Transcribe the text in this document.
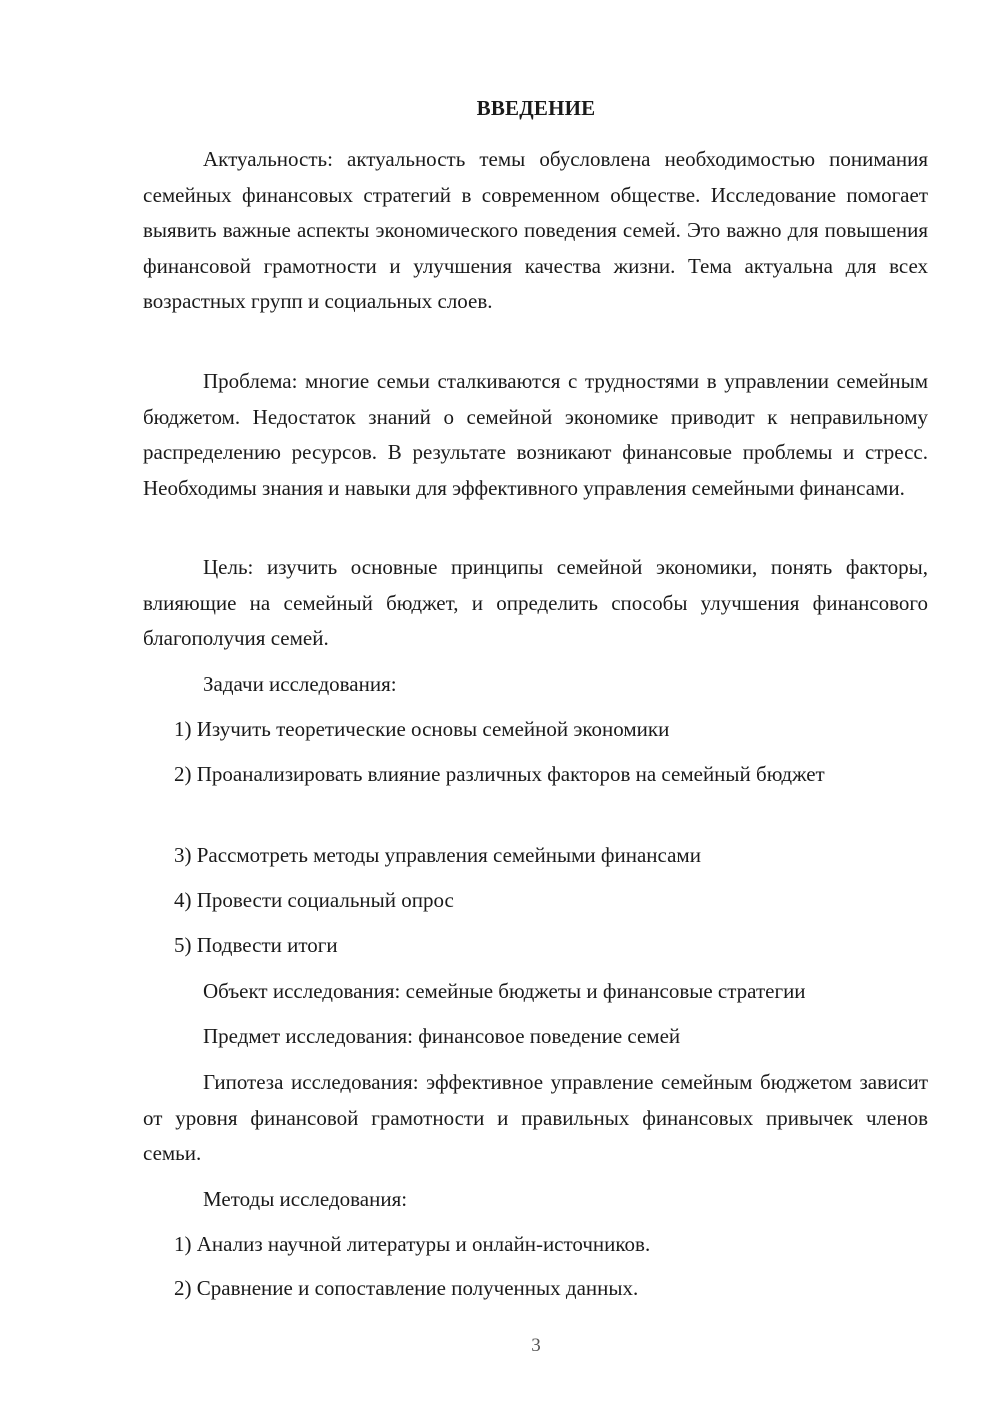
ВВЕДЕНИЕ

Актуальность: актуальность темы обусловлена необходимостью понимания семейных финансовых стратегий в современном обществе. Исследование помогает выявить важные аспекты экономического поведения семей. Это важно для повышения финансовой грамотности и улучшения качества жизни. Тема актуальна для всех возрастных групп и социальных слоев.

Проблема: многие семьи сталкиваются с трудностями в управлении семейным бюджетом. Недостаток знаний о семейной экономике приводит к неправильному распределению ресурсов. В результате возникают финансовые проблемы и стресс. Необходимы знания и навыки для эффективного управления семейными финансами.

Цель: изучить основные принципы семейной экономики, понять факторы, влияющие на семейный бюджет, и определить способы улучшения финансового благополучия семей.

Задачи исследования:

1) Изучить теоретические основы семейной экономики

2) Проанализировать влияние различных факторов на семейный бюджет

3) Рассмотреть методы управления семейными финансами

4) Провести социальный опрос

5) Подвести итоги

Объект исследования: семейные бюджеты и финансовые стратегии

Предмет исследования: финансовое поведение семей

Гипотеза исследования: эффективное управление семейным бюджетом зависит от уровня финансовой грамотности и правильных финансовых привычек членов семьи.

Методы исследования:

1) Анализ научной литературы и онлайн-источников.

2) Сравнение и сопоставление полученных данных.

3
